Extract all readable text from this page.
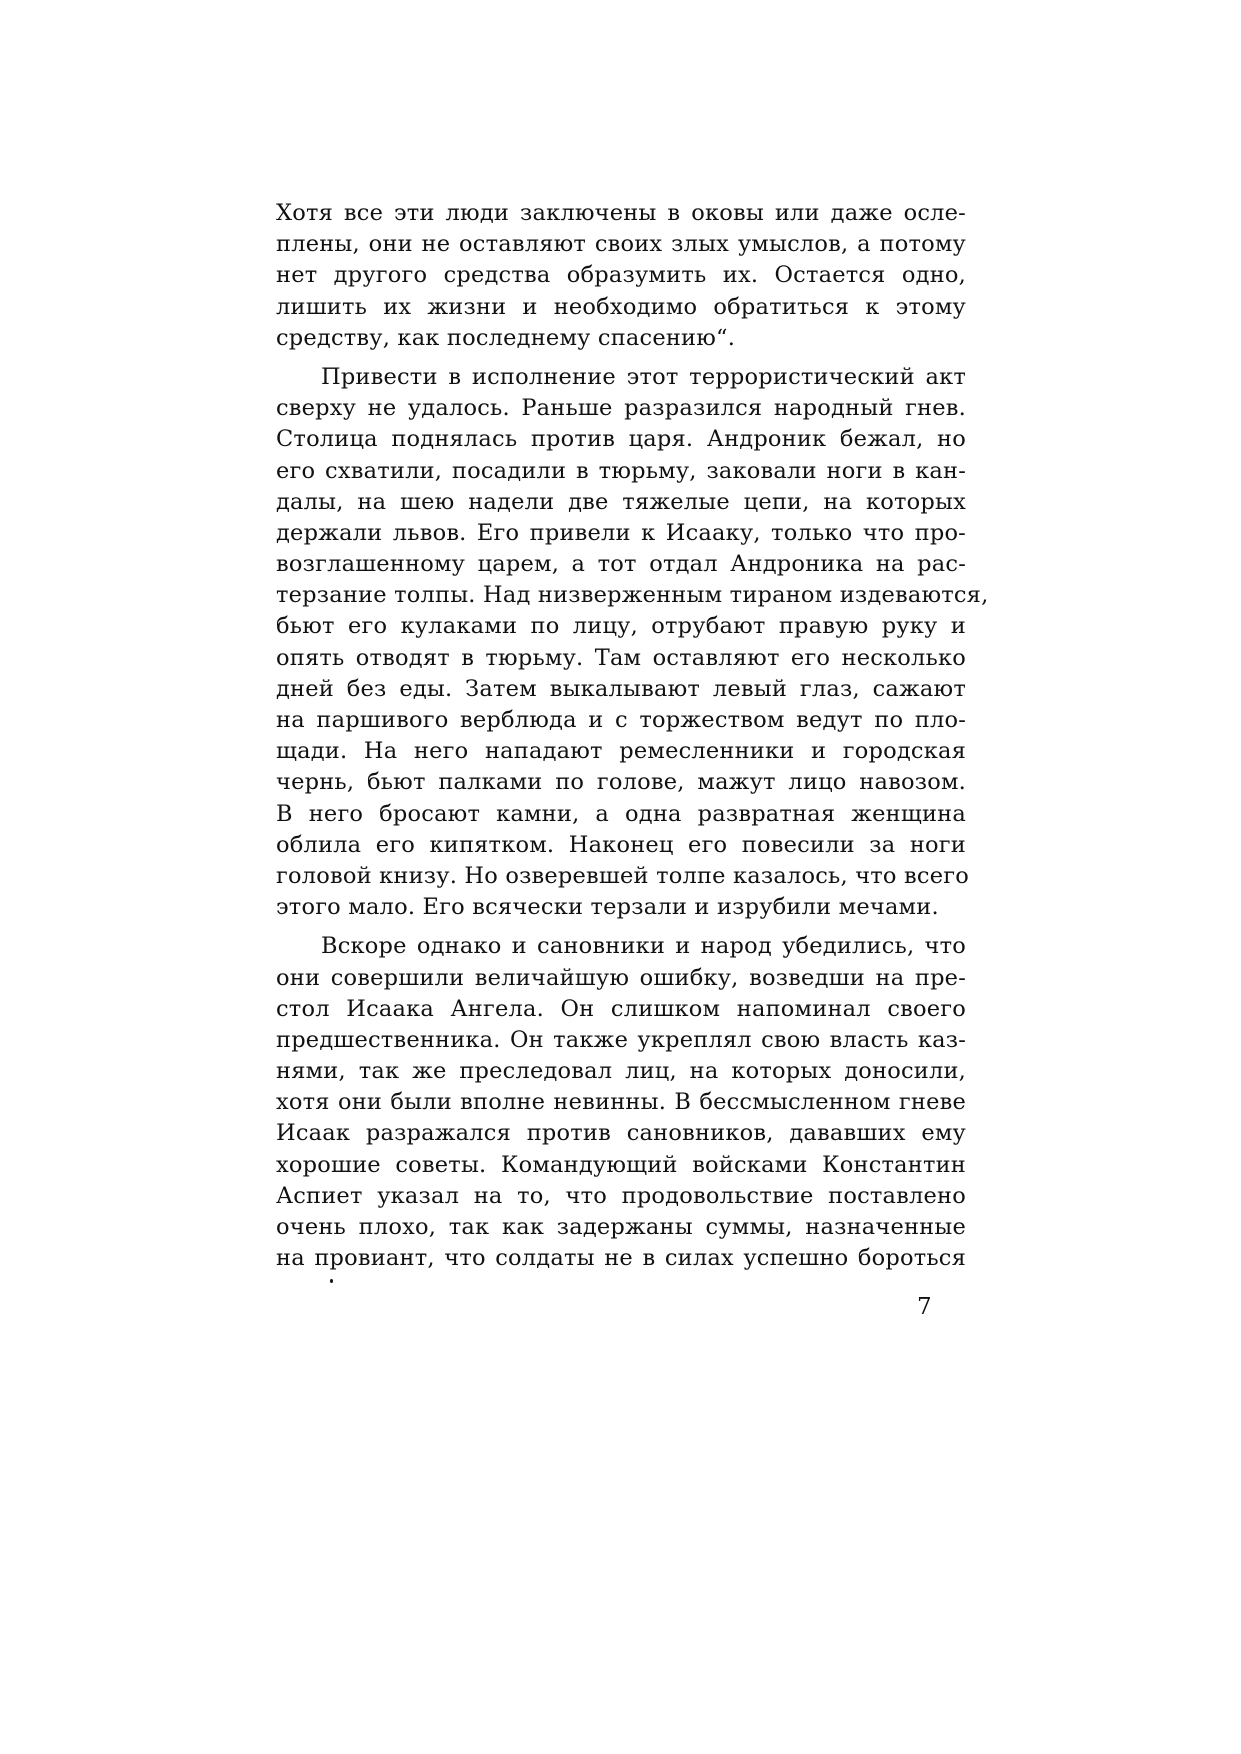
Хотя все эти люди заключены в оковы или даже осле-
плены, они не оставляют своих злых умыслов, а потому
нет другого средства образумить их. Остается одно,
лишить их жизни и необходимо обратиться к этому
средству, как последнему спасению“.
Привести в исполнение этот террористический акт
сверху не удалось. Раньше разразился народный гнев.
Столица поднялась против царя. Андроник бежал, но
его схватили, посадили в тюрьму, заковали ноги в кан-
далы, на шею надели две тяжелые цепи, на которых
держали львов. Его привели к Исааку, только что про-
возглашенному царем, а тот отдал Андроника на рас-
терзание толпы. Над низверженным тираном издеваются,
бьют его кулаками по лицу, отрубают правую руку и
опять отводят в тюрьму. Там оставляют его несколько
дней без еды. Затем выкалывают левый глаз, сажают
на паршивого верблюда и с торжеством ведут по пло-
щади. На него нападают ремесленники и городская
чернь, бьют палками по голове, мажут лицо навозом.
В него бросают камни, а одна развратная женщина
облила его кипятком. Наконец его повесили за ноги
головой книзу. Но озверевшей толпе казалось, что всего
этого мало. Его всячески терзали и изрубили мечами.
Вскоре однако и сановники и народ убедились, что
они совершили величайшую ошибку, возведши на пре-
стол Исаака Ангела. Он слишком напоминал своего
предшественника. Он также укреплял свою власть каз-
нями, так же преследовал лиц, на которых доносили,
хотя они были вполне невинны. В бессмысленном гневе
Исаак разражался против сановников, дававших ему
хорошие советы. Командующий войсками Константин
Аспиет указал на то, что продовольствие поставлено
очень плохо, так как задержаны суммы, назначенные
на провиант, что солдаты не в силах успешно бороться
7
